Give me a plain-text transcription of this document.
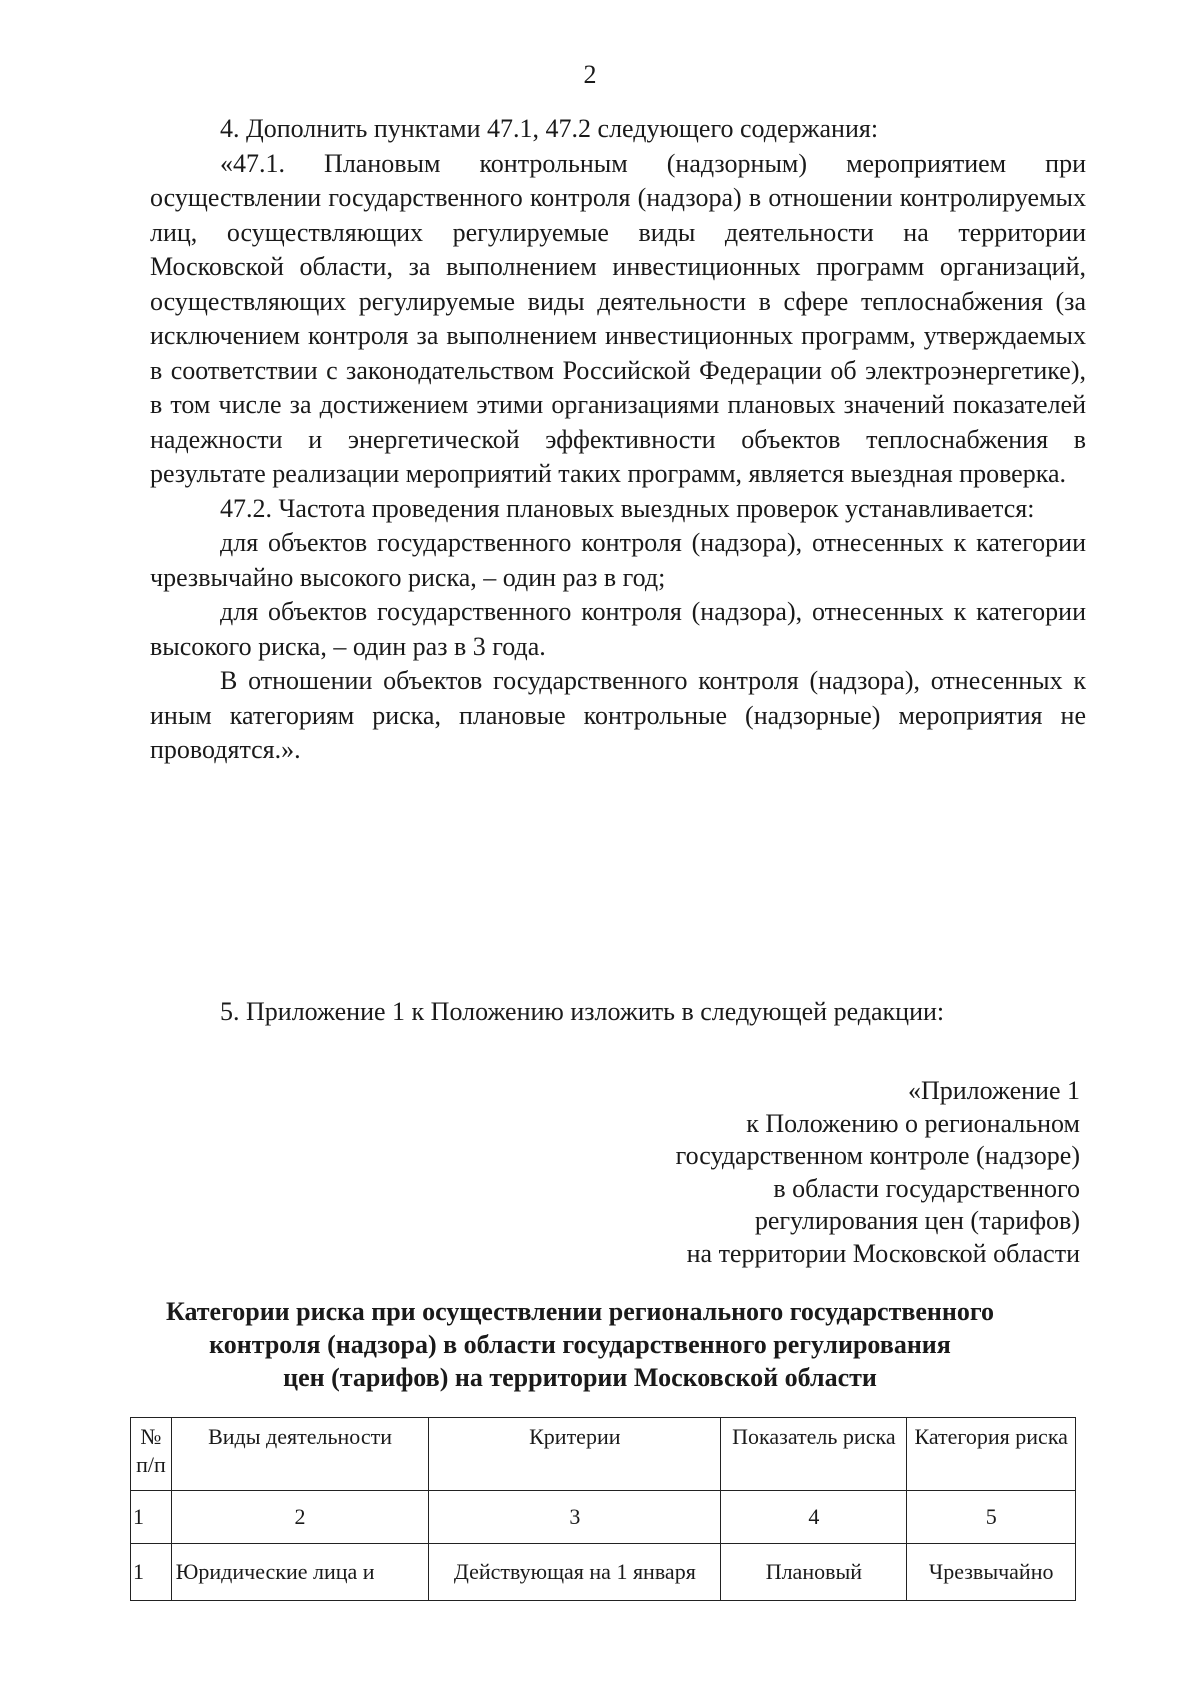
2

4. Дополнить пунктами 47.1, 47.2 следующего содержания:

«47.1. Плановым контрольным (надзорным) мероприятием при осуществлении государственного контроля (надзора) в отношении контролируемых лиц, осуществляющих регулируемые виды деятельности на территории Московской области, за выполнением инвестиционных программ организаций, осуществляющих регулируемые виды деятельности в сфере теплоснабжения (за исключением контроля за выполнением инвестиционных программ, утверждаемых в соответствии с законодательством Российской Федерации об электроэнергетике), в том числе за достижением этими организациями плановых значений показателей надежности и энергетической эффективности объектов теплоснабжения в результате реализации мероприятий таких программ, является выездная проверка.

47.2. Частота проведения плановых выездных проверок устанавливается:

для объектов государственного контроля (надзора), отнесенных к категории чрезвычайно высокого риска, – один раз в год;

для объектов государственного контроля (надзора), отнесенных к категории высокого риска, – один раз в 3 года.

В отношении объектов государственного контроля (надзора), отнесенных к иным категориям риска, плановые контрольные (надзорные) мероприятия не проводятся.».

5. Приложение 1 к Положению изложить в следующей редакции:

«Приложение 1
к Положению о региональном
государственном контроле (надзоре)
в области государственного
регулирования цен (тарифов)
на территории Московской области
Категории риска при осуществлении регионального государственного
контроля (надзора) в области государственного регулирования
цен (тарифов) на территории Московской области
№ п/п	Виды деятельности	Критерии	Показатель риска	Категория риска
1	2	3	4	5
1	Юридические лица и	Действующая на 1 января	Плановый	Чрезвычайно
